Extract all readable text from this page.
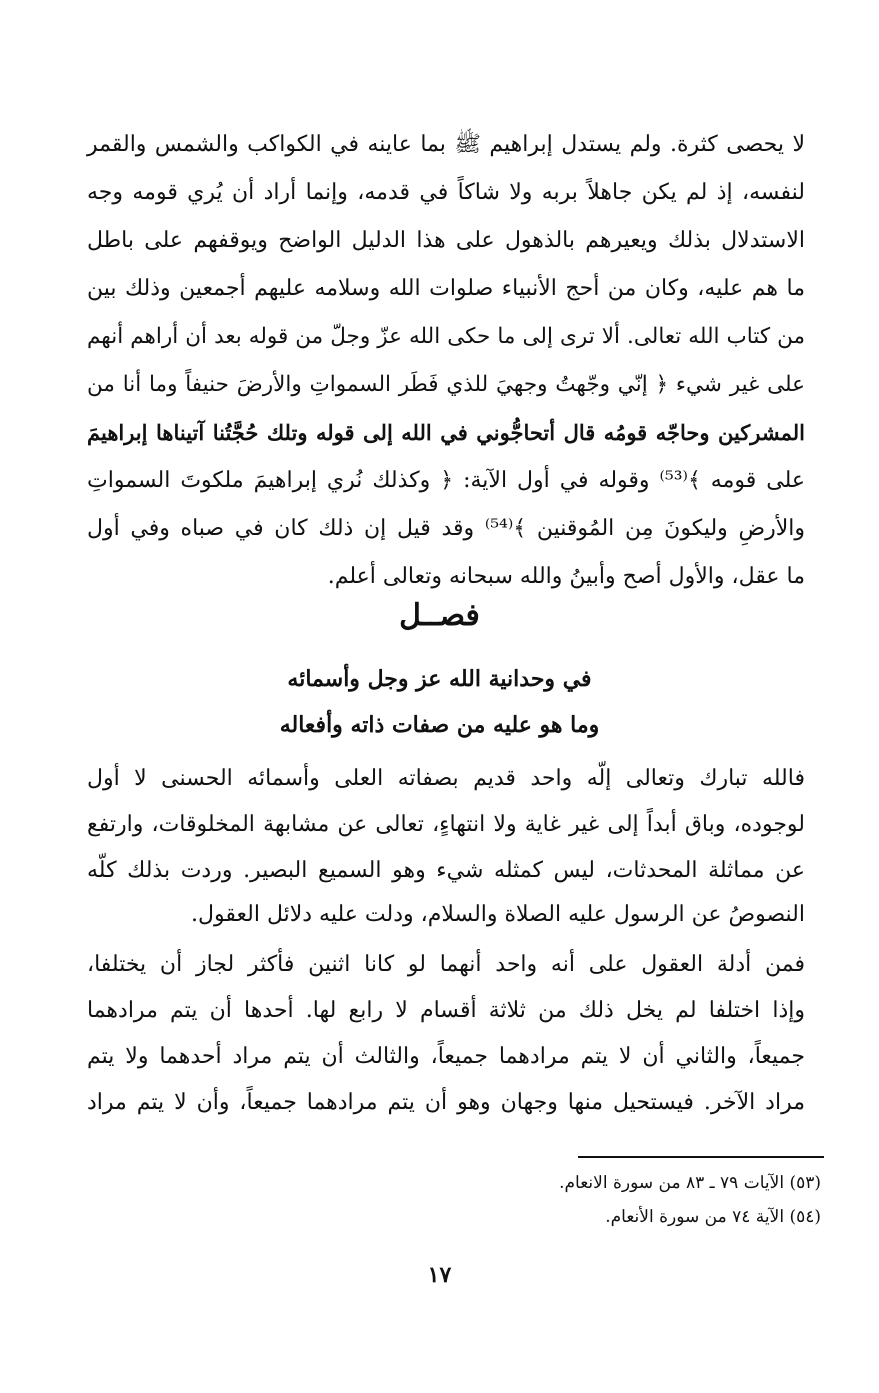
لا يحصى كثرة. ولم يستدل إبراهيم ﷺ بما عاينه في الكواكب والشمس والقمر
لنفسه، إذ لم يكن جاهلاً بربه ولا شاكاً في قدمه، وإنما أراد أن يُري قومه وجه
الاستدلال بذلك ويعيرهم بالذهول على هذا الدليل الواضح ويوقفهم على باطل
ما هم عليه، وكان من أحج الأنبياء صلوات الله وسلامه عليهم أجمعين وذلك بين
من كتاب الله تعالى. ألا ترى إلى ما حكى الله عزّ وجلّ من قوله بعد أن أراهم أنهم
على غير شيء ﴿ إنّي وجّهتُ وجهيَ للذي فَطَر السمواتِ والأرضَ حنيفاً وما أنا من
المشركين وحاجّه قومُه قال أتحاجُّوني في الله إلى قوله وتلك حُجَّتُنا آتيناها إبراهيمَ
على قومه ﴾⁽⁵³⁾ وقوله في أول الآية: ﴿ وكذلك نُري إبراهيمَ ملكوتَ السمواتِ
والأرضِ وليكونَ مِن المُوقنين ﴾⁽⁵⁴⁾ وقد قيل إن ذلك كان في صباه وفي أول
ما عقل، والأول أصح وأبينُ والله سبحانه وتعالى أعلم.
فصــل
في وحدانية الله عز وجل وأسمائه
وما هو عليه من صفات ذاته وأفعاله
فالله تبارك وتعالى إلّه واحد قديم بصفاته العلى وأسمائه الحسنى لا أول
لوجوده، وباق أبداً إلى غير غاية ولا انتهاءٍ، تعالى عن مشابهة المخلوقات، وارتفع
عن مماثلة المحدثات، ليس كمثله شيء وهو السميع البصير. وردت بذلك كلّه
النصوصُ عن الرسول عليه الصلاة والسلام، ودلت عليه دلائل العقول.
فمن أدلة العقول على أنه واحد أنهما لو كانا اثنين فأكثر لجاز أن يختلفا،
وإذا اختلفا لم يخل ذلك من ثلاثة أقسام لا رابع لها. أحدها أن يتم مرادهما
جميعاً، والثاني أن لا يتم مرادهما جميعاً، والثالث أن يتم مراد أحدهما ولا يتم
مراد الآخر. فيستحيل منها وجهان وهو أن يتم مرادهما جميعاً، وأن لا يتم مراد
(٥٣) الآيات ٧٩ ـ ٨٣ من سورة الانعام.
(٥٤) الآية ٧٤ من سورة الأنعام.
١٧
